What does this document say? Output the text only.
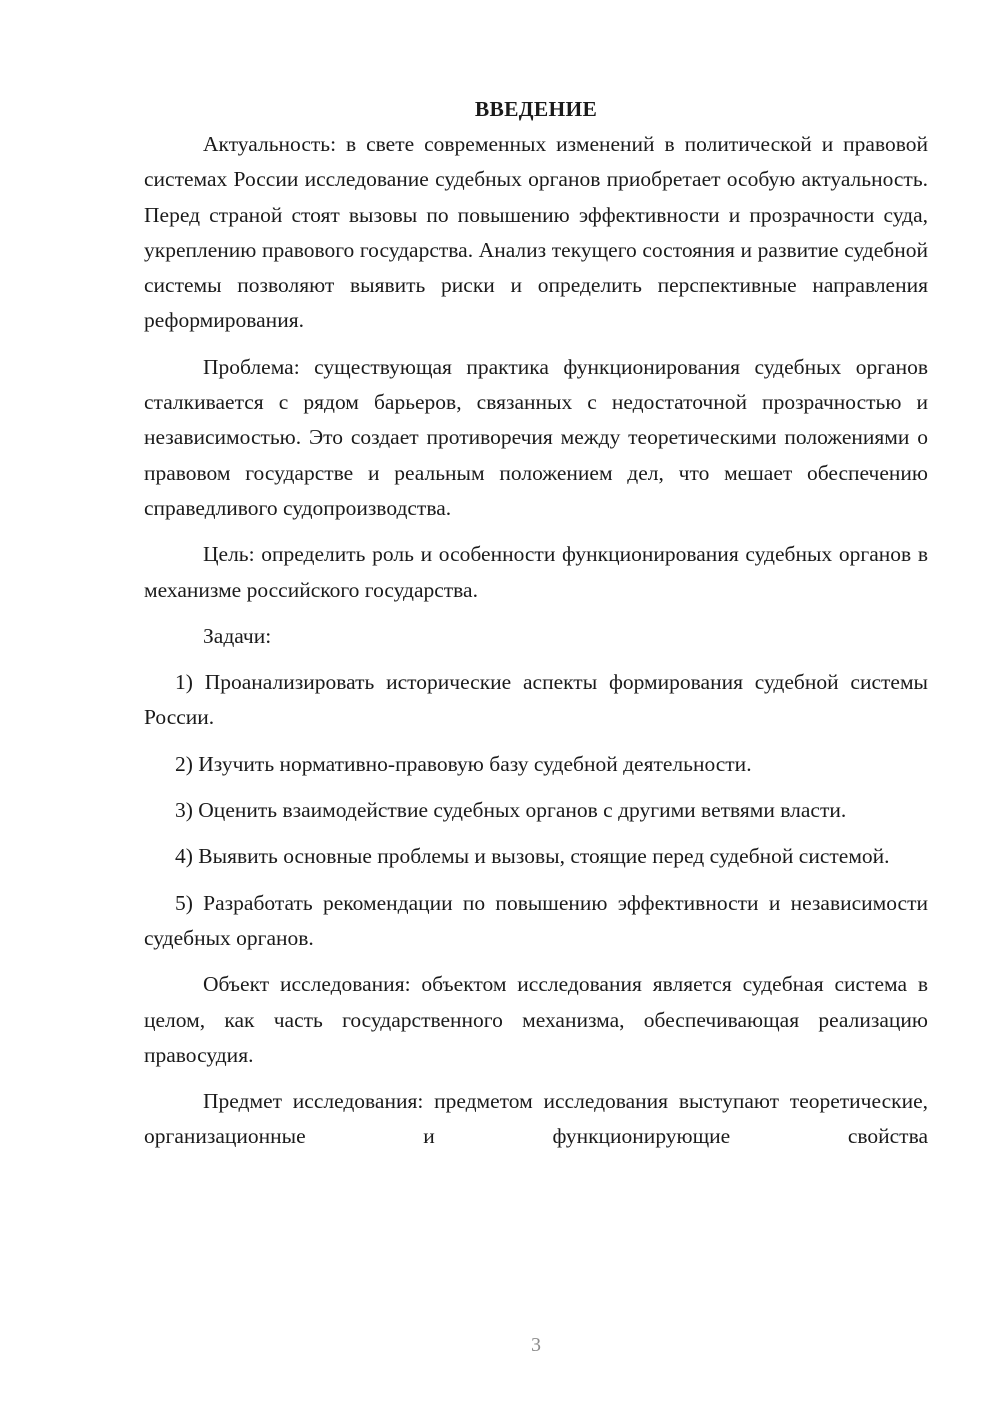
ВВЕДЕНИЕ

Актуальность: в свете современных изменений в политической и правовой системах России исследование судебных органов приобретает особую актуальность. Перед страной стоят вызовы по повышению эффективности и прозрачности суда, укреплению правового государства. Анализ текущего состояния и развитие судебной системы позволяют выявить риски и определить перспективные направления реформирования.

Проблема: существующая практика функционирования судебных органов сталкивается с рядом барьеров, связанных с недостаточной прозрачностью и независимостью. Это создает противоречия между теоретическими положениями о правовом государстве и реальным положением дел, что мешает обеспечению справедливого судопроизводства.

Цель: определить роль и особенности функционирования судебных органов в механизме российского государства.

Задачи:

1) Проанализировать исторические аспекты формирования судебной системы России.

2) Изучить нормативно-правовую базу судебной деятельности.

3) Оценить взаимодействие судебных органов с другими ветвями власти.

4) Выявить основные проблемы и вызовы, стоящие перед судебной системой.

5) Разработать рекомендации по повышению эффективности и независимости судебных органов.

Объект исследования: объектом исследования является судебная система в целом, как часть государственного механизма, обеспечивающая реализацию правосудия.

Предмет исследования: предметом исследования выступают теоретические, организационные и функционирующие свойства

3
